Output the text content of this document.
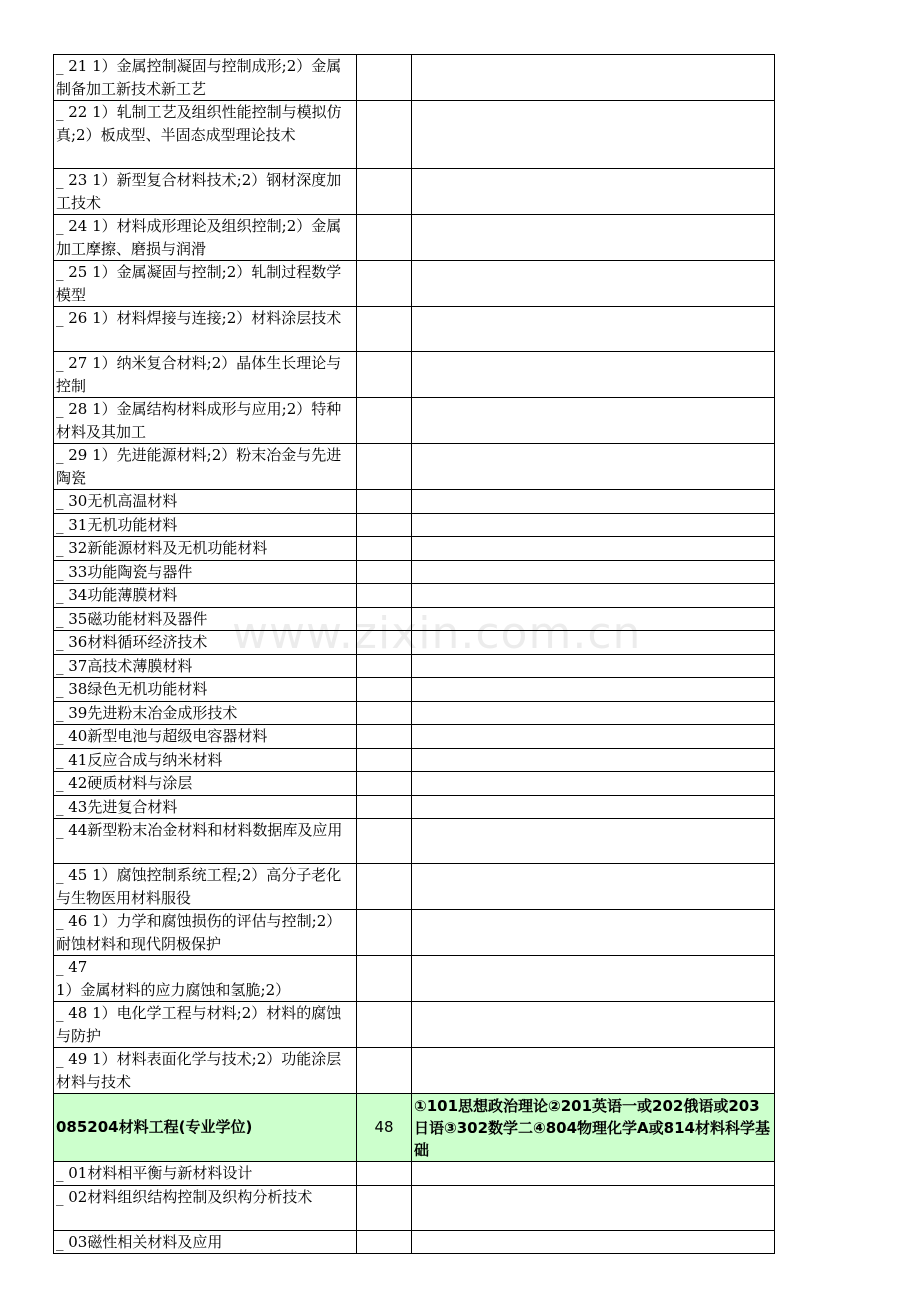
www.zixin.com.cn
_ 21 1）金属控制凝固与控制成形;2）金属制备加工新技术新工艺		
_ 22 1）轧制工艺及组织性能控制与模拟仿真;2）板成型、半固态成型理论技术		
_ 23 1）新型复合材料技术;2）钢材深度加工技术		
_ 24 1）材料成形理论及组织控制;2）金属加工摩擦、磨损与润滑		
_ 25 1）金属凝固与控制;2）轧制过程数学模型		
_ 26 1）材料焊接与连接;2）材料涂层技术		
_ 27 1）纳米复合材料;2）晶体生长理论与控制		
_ 28 1）金属结构材料成形与应用;2）特种材料及其加工		
_ 29 1）先进能源材料;2）粉末冶金与先进陶瓷		
_ 30无机高温材料		
_ 31无机功能材料		
_ 32新能源材料及无机功能材料		
_ 33功能陶瓷与器件		
_ 34功能薄膜材料		
_ 35磁功能材料及器件		
_ 36材料循环经济技术		
_ 37高技术薄膜材料		
_ 38绿色无机功能材料		
_ 39先进粉末冶金成形技术		
_ 40新型电池与超级电容器材料		
_ 41反应合成与纳米材料		
_ 42硬质材料与涂层		
_ 43先进复合材料		
_ 44新型粉末冶金材料和材料数据库及应用		
_ 45 1）腐蚀控制系统工程;2）高分子老化与生物医用材料服役		
_ 46 1）力学和腐蚀损伤的评估与控制;2）耐蚀材料和现代阴极保护		
_ 47
1）金属材料的应力腐蚀和氢脆;2）		
_ 48 1）电化学工程与材料;2）材料的腐蚀与防护		
_ 49 1）材料表面化学与技术;2）功能涂层材料与技术		
085204材料工程(专业学位)	48	①101思想政治理论②201英语一或202俄语或203日语③302数学二④804物理化学A或814材料科学基础
_ 01材料相平衡与新材料设计		
_ 02材料组织结构控制及织构分析技术		
_ 03磁性相关材料及应用		
